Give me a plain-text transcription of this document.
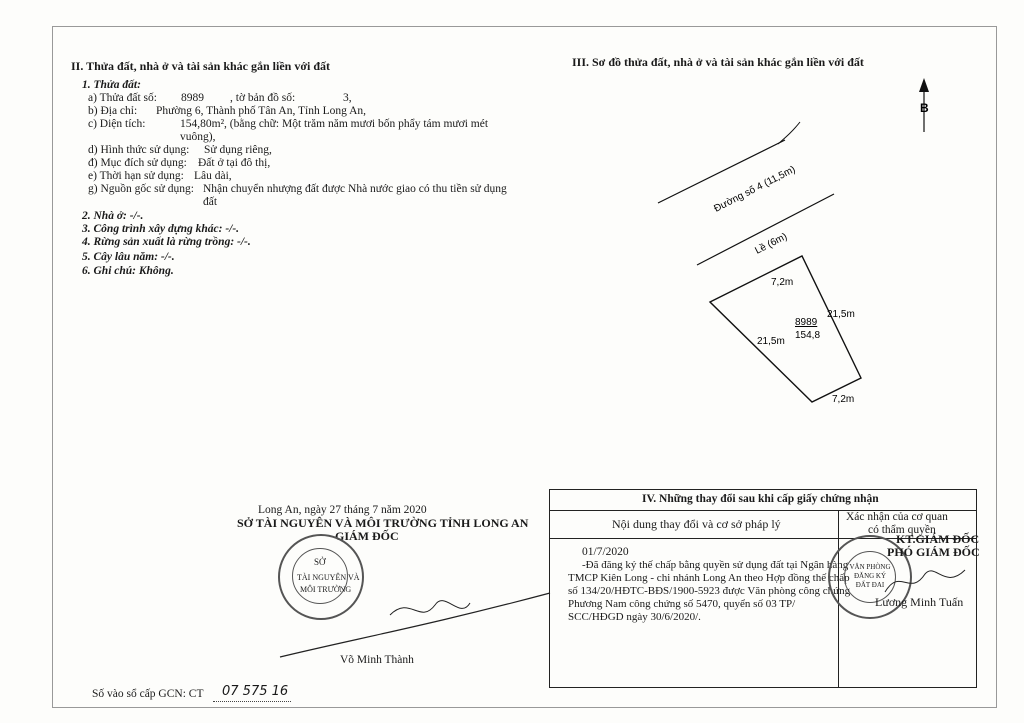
II. Thửa đất, nhà ở và tài sản khác gắn liền với đất
1. Thửa đất:
a) Thửa đất số: 8989 , tờ bản đồ số:	3,
b) Địa chỉ: Phường 6, Thành phố Tân An, Tỉnh Long An,
c) Diện tích:	154,80m², (bằng chữ: Một trăm năm mươi bốn phẩy tám mươi mét
vuông),
d) Hình thức sử dụng: Sử dụng riêng,
đ) Mục đích sử dụng: Đất ở tại đô thị,
e) Thời hạn sử dụng: Lâu dài,
g) Nguồn gốc sử dụng: Nhận chuyển nhượng đất được Nhà nước giao có thu tiền sử dụng
đất
2. Nhà ở: -/-.
3. Công trình xây dựng khác: -/-.
4. Rừng sản xuất là rừng trồng: -/-.
5. Cây lâu năm: -/-.
6. Ghi chú: Không.
Long An, ngày 27 tháng 7 năm 2020
SỞ TÀI NGUYÊN VÀ MÔI TRƯỜNG TỈNH LONG AN
GIÁM ĐỐC
SỞ
TÀI NGUYÊN VÀ
MÔI TRƯỜNG
Võ Minh Thành
Số vào sổ cấp GCN: CT 07 575 16
III. Sơ đồ thửa đất, nhà ở và tài sản khác gắn liền với đất
B
Đường số 4 (11,5m)
Lề (6m)
7,2m
21,5m
21,5m
7,2m
8989
154,8
IV. Những thay đổi sau khi cấp giấy chứng nhận
Nội dung thay đổi và cơ sở pháp lý	Xác nhận của cơ quan
có thẩm quyền
01/7/2020
-Đã đăng ký thế chấp bằng quyền sử dụng đất tại Ngân hàng
TMCP Kiên Long - chi nhánh Long An theo Hợp đồng thế chấp
số 134/20/HĐTC-BĐS/1900-5923 được Văn phòng công chứng
Phương Nam công chứng số 5470, quyển số 03 TP/
SCC/HĐGD ngày 30/6/2020/.
VĂN PHÒNG ĐĂNG KÝ ĐẤT ĐAI
KT.GIÁM ĐỐC
PHÓ GIÁM ĐỐC
Lương Minh Tuấn
